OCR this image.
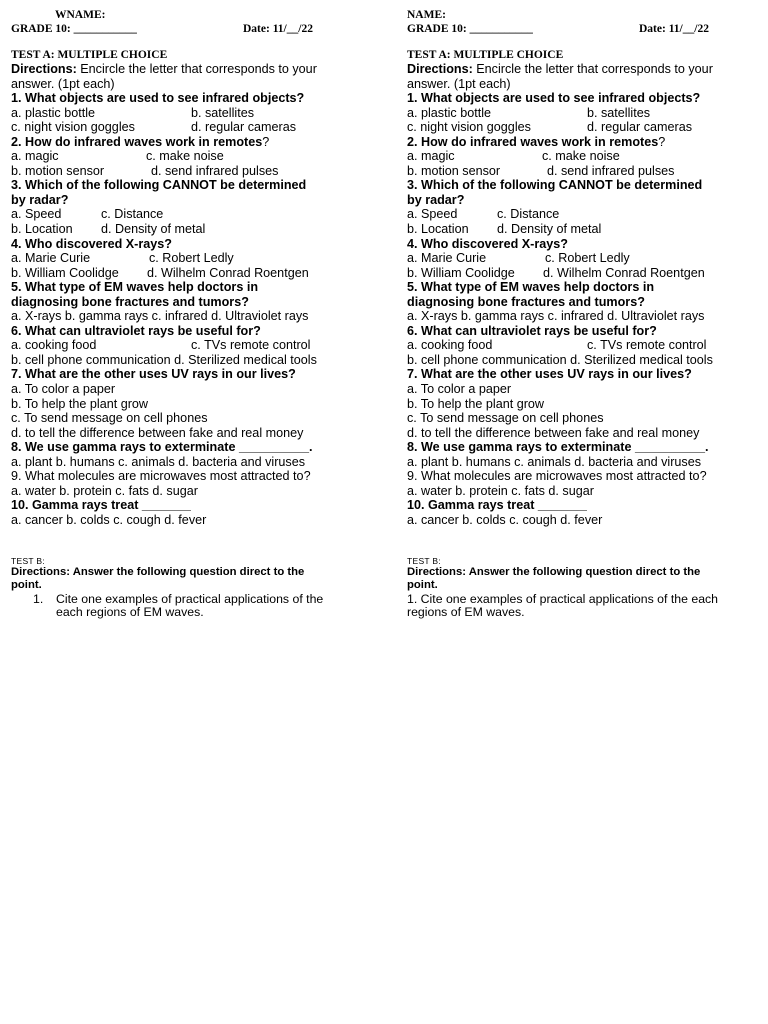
WNAME:
GRADE 10: ___________	Date: 11/__/22
TEST A: MULTIPLE CHOICE
Directions: Encircle the letter that corresponds to your
answer. (1pt each)
1. What objects are used to see infrared objects?
a. plastic bottle	b. satellites
c. night vision goggles	d. regular cameras
2. How do infrared waves work in remotes?
a. magic	c. make noise
b. motion sensor	d. send infrared pulses
3. Which of the following CANNOT be determined
by radar?
a. Speed	c. Distance
b. Location d. Density of metal
4. Who discovered X-rays?
a. Marie Curie	c. Robert Ledly
b. William Coolidge d. Wilhelm Conrad Roentgen
5. What type of EM waves help doctors in
diagnosing bone fractures and tumors?
a. X-rays b. gamma rays c. infrared d. Ultraviolet rays
6. What can ultraviolet rays be useful for?
a. cooking food	c. TVs remote control
b. cell phone communication d. Sterilized medical tools
7. What are the other uses UV rays in our lives?
a. To color a paper
b. To help the plant grow
c. To send message on cell phones
d. to tell the difference between fake and real money
8. We use gamma rays to exterminate __________.
a. plant b. humans c. animals d. bacteria and viruses
9. What molecules are microwaves most attracted to?
a. water b. protein c. fats d. sugar
10. Gamma rays treat _______
a. cancer b. colds c. cough d. fever
TEST B:
Directions: Answer the following question direct to the
point.
1. Cite one examples of practical applications of the
each regions of EM waves.
NAME:
GRADE 10: ___________	Date: 11/__/22
TEST A: MULTIPLE CHOICE
Directions: Encircle the letter that corresponds to your
answer. (1pt each)
1. What objects are used to see infrared objects?
a. plastic bottle	b. satellites
c. night vision goggles	d. regular cameras
2. How do infrared waves work in remotes?
a. magic	c. make noise
b. motion sensor	d. send infrared pulses
3. Which of the following CANNOT be determined
by radar?
a. Speed	c. Distance
b. Location d. Density of metal
4. Who discovered X-rays?
a. Marie Curie	c. Robert Ledly
b. William Coolidge d. Wilhelm Conrad Roentgen
5. What type of EM waves help doctors in
diagnosing bone fractures and tumors?
a. X-rays b. gamma rays c. infrared d. Ultraviolet rays
6. What can ultraviolet rays be useful for?
a. cooking food	c. TVs remote control
b. cell phone communication d. Sterilized medical tools
7. What are the other uses UV rays in our lives?
a. To color a paper
b. To help the plant grow
c. To send message on cell phones
d. to tell the difference between fake and real money
8. We use gamma rays to exterminate __________.
a. plant b. humans c. animals d. bacteria and viruses
9. What molecules are microwaves most attracted to?
a. water b. protein c. fats d. sugar
10. Gamma rays treat _______
a. cancer b. colds c. cough d. fever
TEST B:
Directions: Answer the following question direct to the
point.
1. Cite one examples of practical applications of the each
regions of EM waves.
